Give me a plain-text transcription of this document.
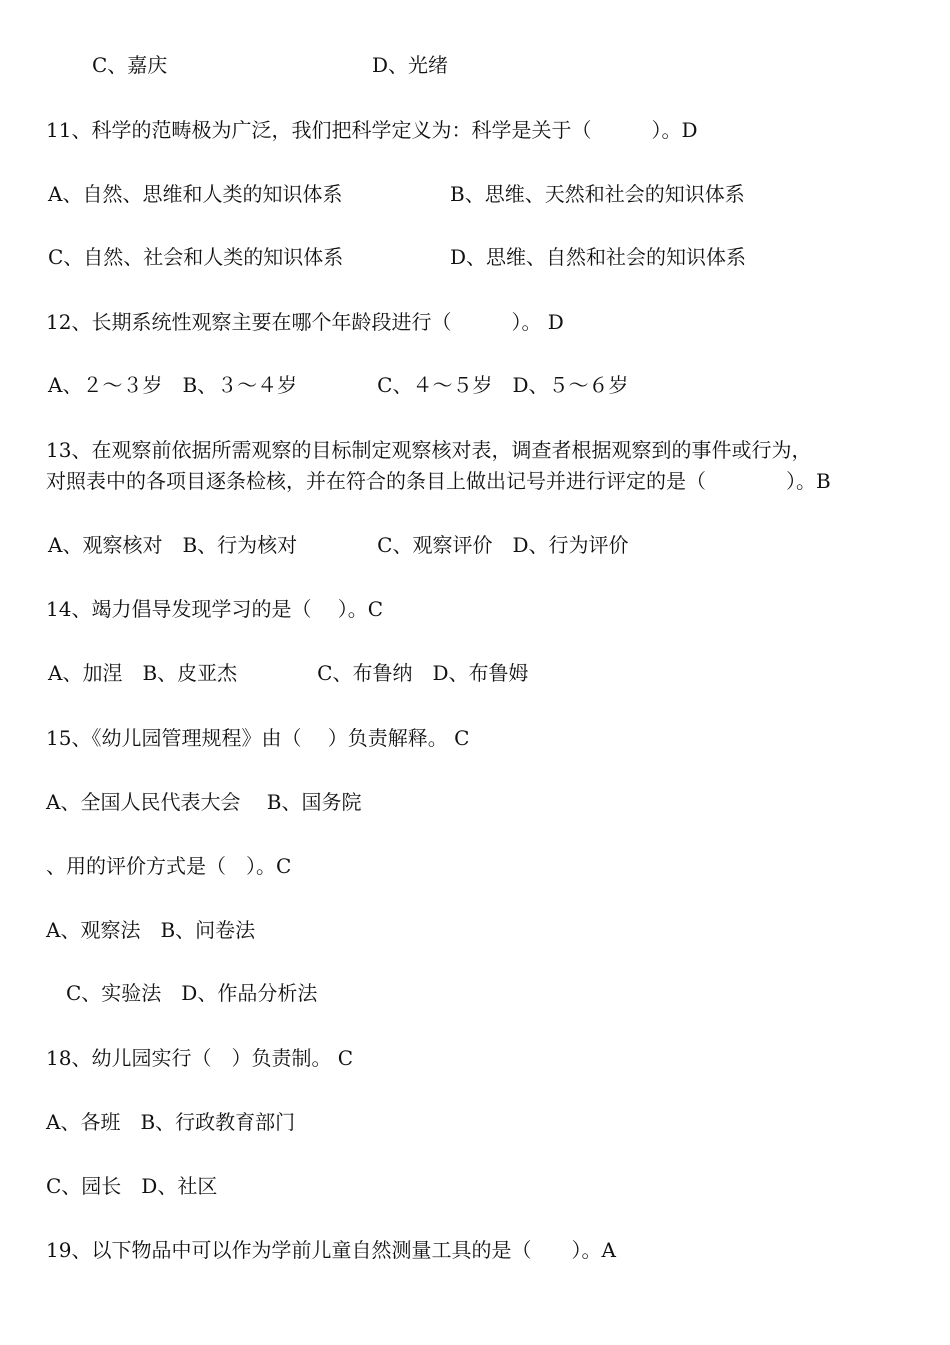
C、嘉庆	D、光绪

11、科学的范畴极为广泛，我们把科学定义为：科学是关于（　　　）。D

A、自然、思维和人类的知识体系	B、思维、天然和社会的知识体系

C、自然、社会和人类的知识体系	D、思维、自然和社会的知识体系

12、长期系统性观察主要在哪个年龄段进行（　　　）。 D

A、２～３岁　B、３～４岁　　　　C、４～５岁　D、５～６岁

13、在观察前依据所需观察的目标制定观察核对表，调查者根据观察到的事件或行为，

对照表中的各项目逐条检核，并在符合的条目上做出记号并进行评定的是（　　　　）。B

A、观察核对　B、行为核对　　　　C、观察评价　D、行为评价

14、竭力倡导发现学习的是（　 ）。C

A、加涅　B、皮亚杰　　　　C、布鲁纳　D、布鲁姆

15、《幼儿园管理规程》由（　 ）负责解释。 C

A、全国人民代表大会　 B、国务院

、用的评价方式是（　）。C

A、观察法　B、问卷法

C、实验法　D、作品分析法

18、幼儿园实行（　）负责制。 C

A、各班　B、行政教育部门

C、园长　D、社区

19、以下物品中可以作为学前儿童自然测量工具的是（　　）。A
